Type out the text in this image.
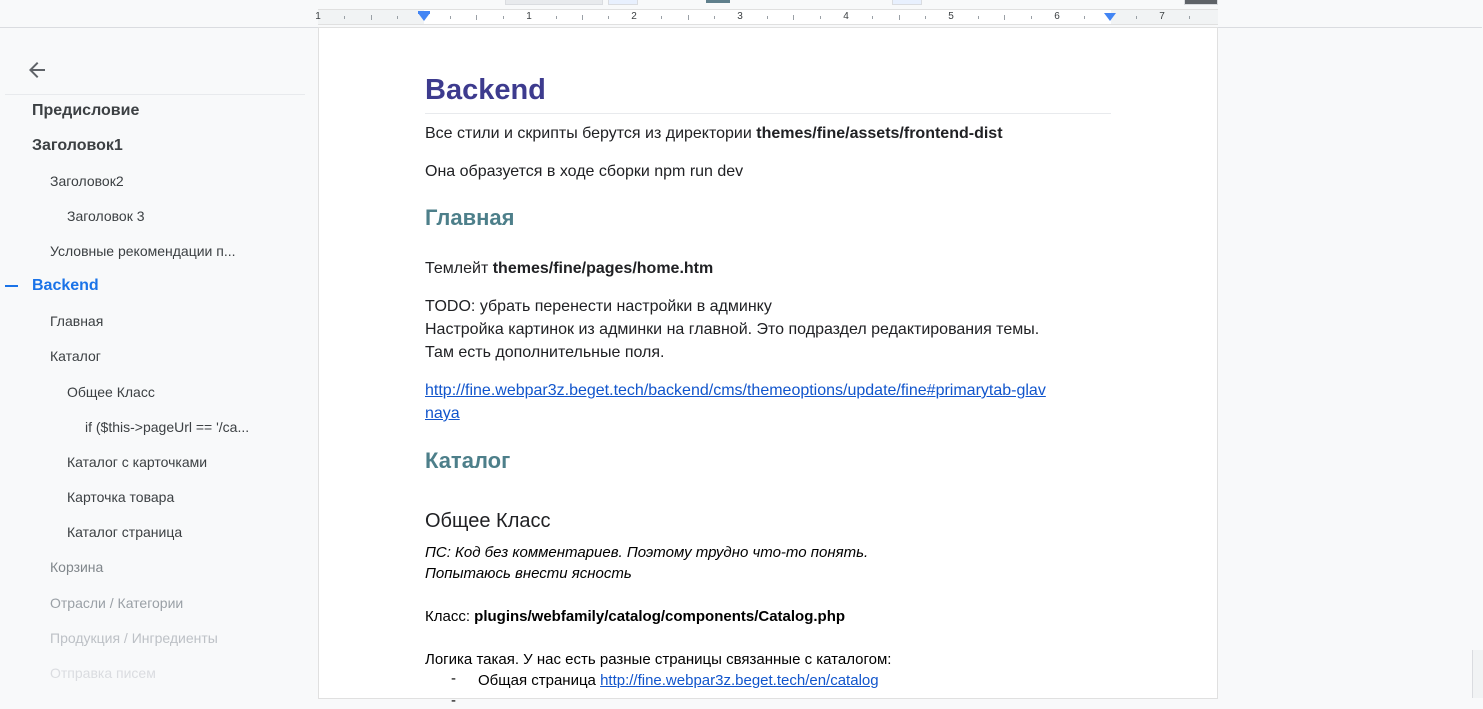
1	1	2	3	4	5	6	7
Предисловие
Заголовок1
Заголовок2
Заголовок 3
Условные рекомендации п...
Backend
Главная
Каталог
Общее Класс
if ($this->pageUrl == '/ca...
Каталог с карточками
Карточка товара
Каталог страница
Корзина
Отрасли / Категории
Продукция / Ингредиенты
Отправка писем
Backend
Все стили и скрипты берутся из директории themes/fine/assets/frontend-dist
Она образуется в ходе сборки npm run dev
Главная
Темлейт themes/fine/pages/home.htm
TODO: убрать перенести настройки в админку
Настройка картинок из админки на главной. Это подраздел редактирования темы.
Там есть дополнительные поля.
http://fine.webpar3z.beget.tech/backend/cms/themeoptions/update/fine#primarytab-glav
naya
Каталог
Общее Класс
ПС: Код без комментариев. Поэтому трудно что-то понять.
Попытаюсь внести ясность
Класс: plugins/webfamily/catalog/components/Catalog.php
Логика такая. У нас есть разные страницы связанные с каталогом:
- Общая страница http://fine.webpar3z.beget.tech/en/catalog
-
